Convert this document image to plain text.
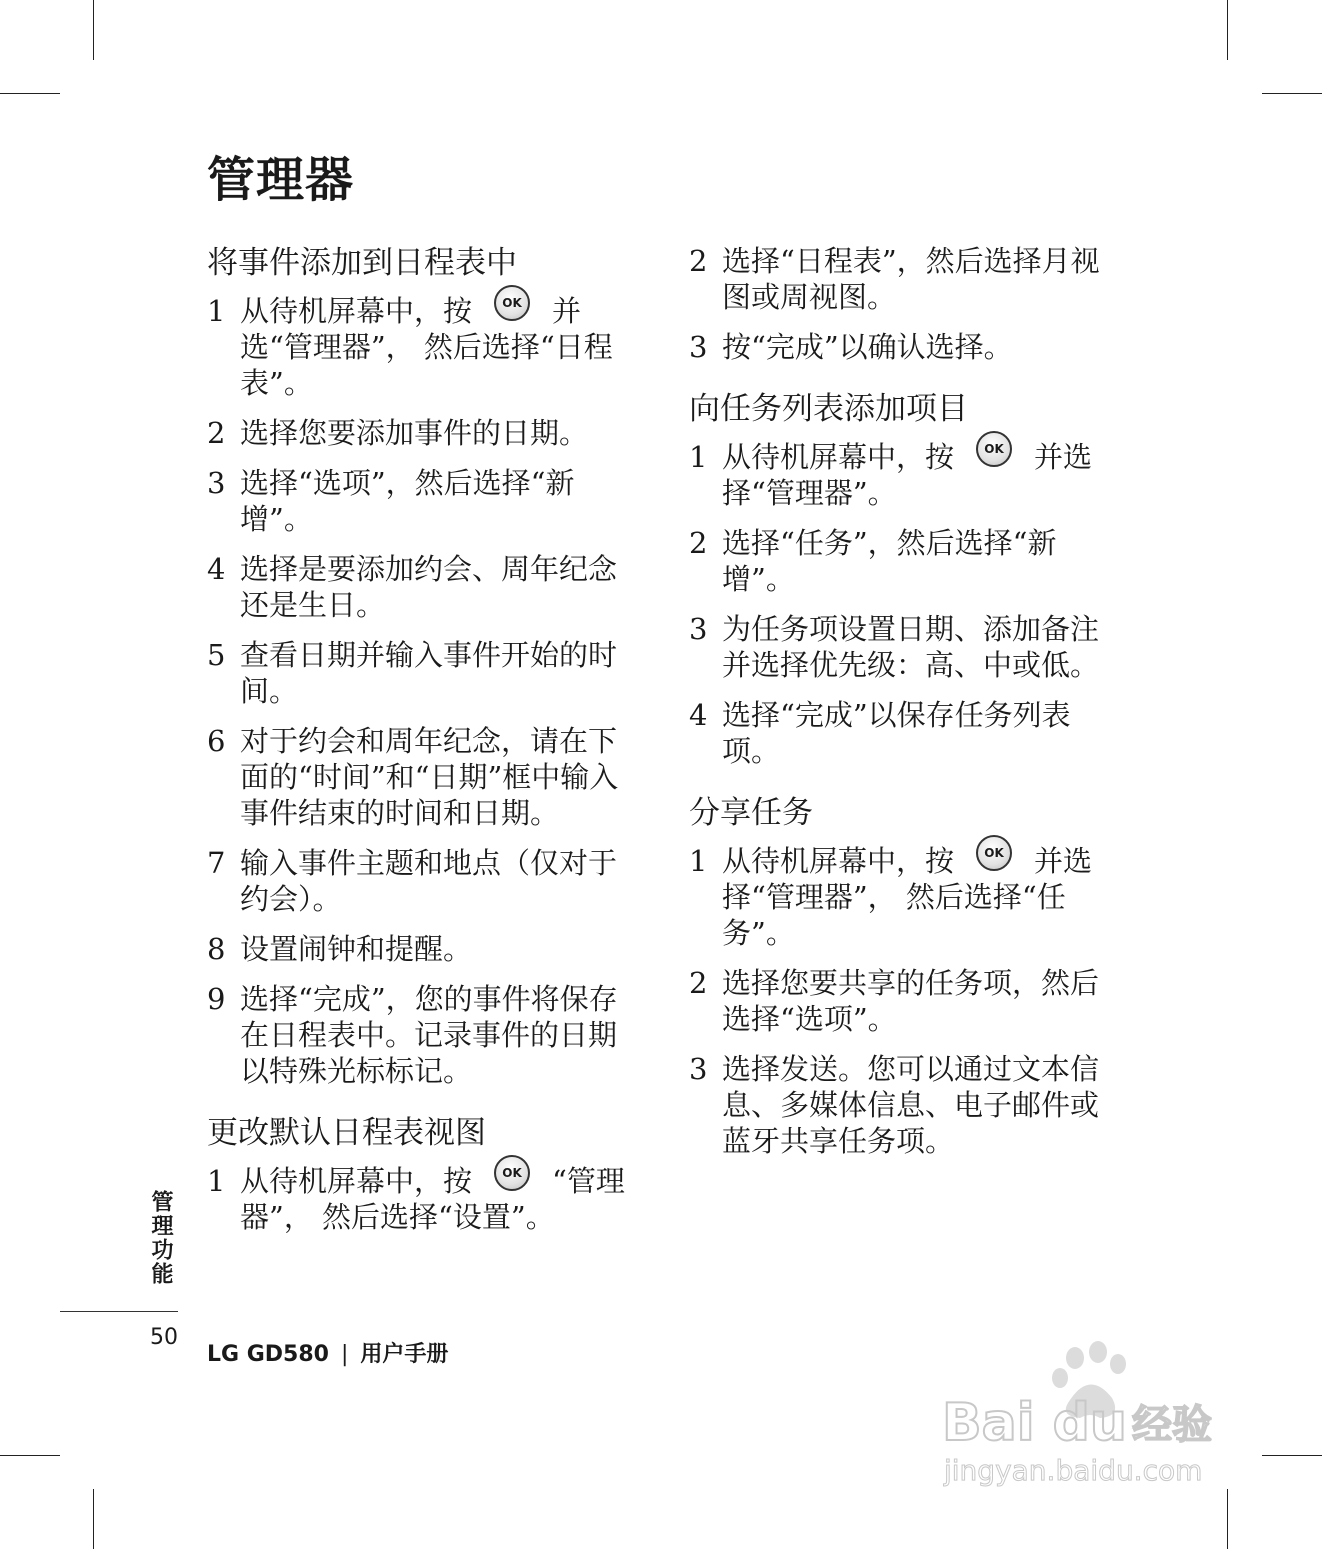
管理器
将事件添加到日程表中
1 从待机屏幕中，按	OK 并选“管理器”， 然后选择“日程表”。
2 选择您要添加事件的日期。
3 选择“选项”，然后选择“新增”。
4 选择是要添加约会、周年纪念还是生日。
5 查看日期并输入事件开始的时间。
6 对于约会和周年纪念，请在下面的“时间”和“日期”框中输入事件结束的时间和日期。
7 输入事件主题和地点（仅对于约会）。
8 设置闹钟和提醒。
9 选择“完成”，您的事件将保存在日程表中。记录事件的日期以特殊光标标记。
更改默认日程表视图
1 从待机屏幕中，按	OK “管理器”， 然后选择“设置”。
2 选择“日程表”，然后选择月视图或周视图。
3 按“完成”以确认选择。
向任务列表添加项目
1 从待机屏幕中，按	OK 并选择“管理器”。
2 选择“任务”，然后选择“新增”。
3 为任务项设置日期、添加备注并选择优先级：高、中或低。
4 选择“完成”以保存任务列表项。
分享任务
1 从待机屏幕中，按	OK 并选择“管理器”， 然后选择“任务”。
2 选择您要共享的任务项，然后选择“选项”。
3 选择发送。您可以通过文本信息、多媒体信息、电子邮件或蓝牙共享任务项。
管理功能
50
LG GD580 | 用户手册
Bai du 经验
jingyan.baidu.com
